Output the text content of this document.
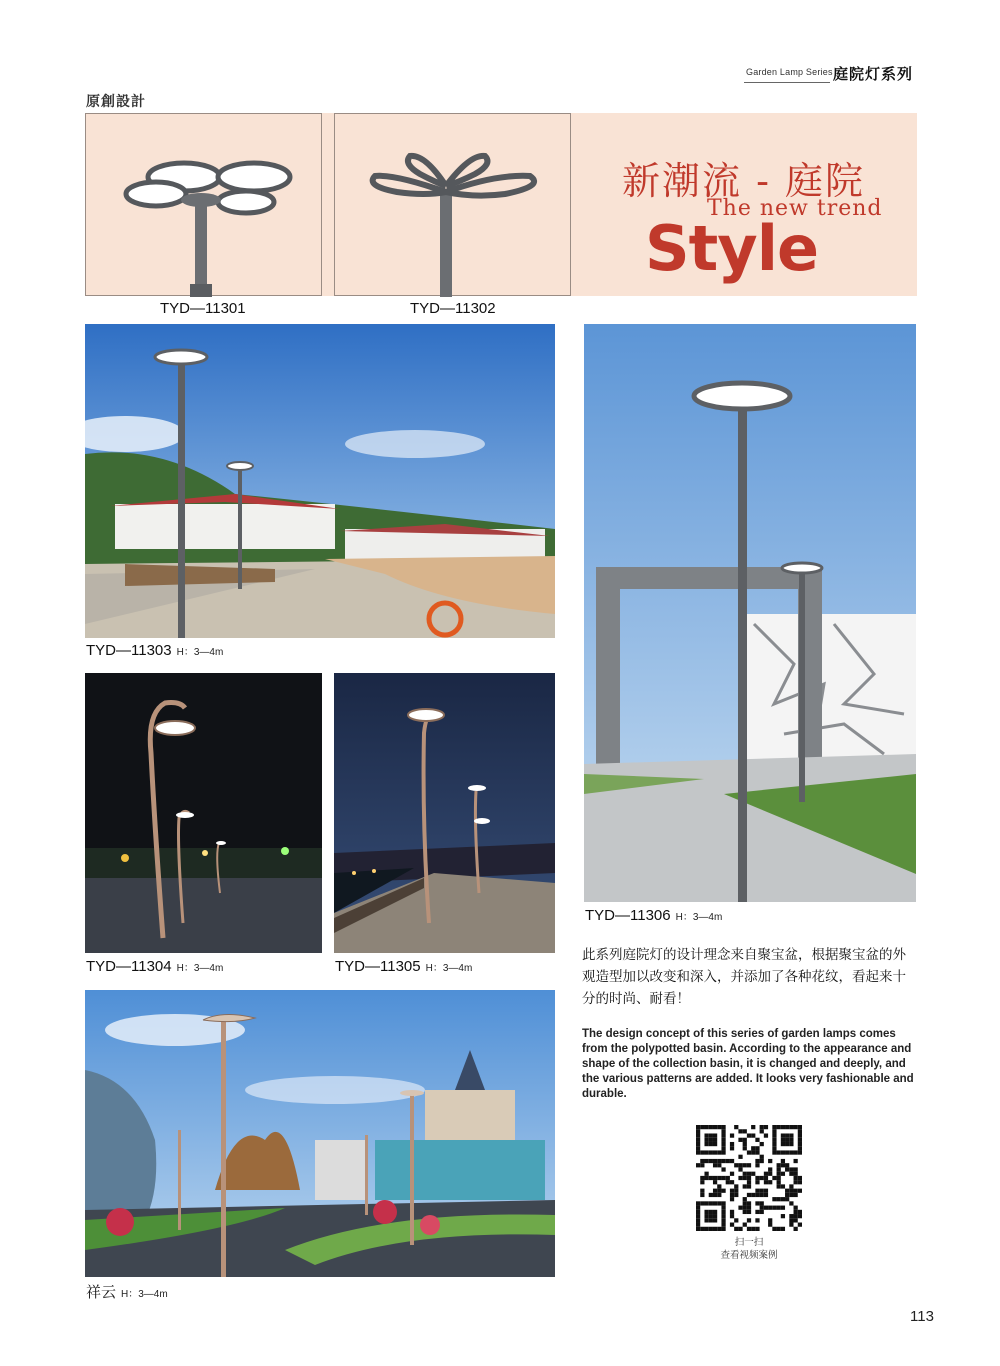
Garden Lamp Series 庭院灯系列
原創設計
新潮流 - 庭院
The new trend
Style
TYD—11301	TYD—11302
TYD—11303 H：3—4m
TYD—11306 H：3—4m
TYD—11304 H：3—4m	TYD—11305 H：3—4m
祥云 H：3—4m
此系列庭院灯的设计理念来自聚宝盆，根据聚宝盆的外观造型加以改变和深入，并添加了各种花纹，看起来十分的时尚、耐看！
The design concept of this series of garden lamps comes from the polypotted basin. According to the appearance and shape of the collection basin, it is changed and deeply, and the various patterns are added. It looks very fashionable and durable.
扫一扫
查看视频案例
113
